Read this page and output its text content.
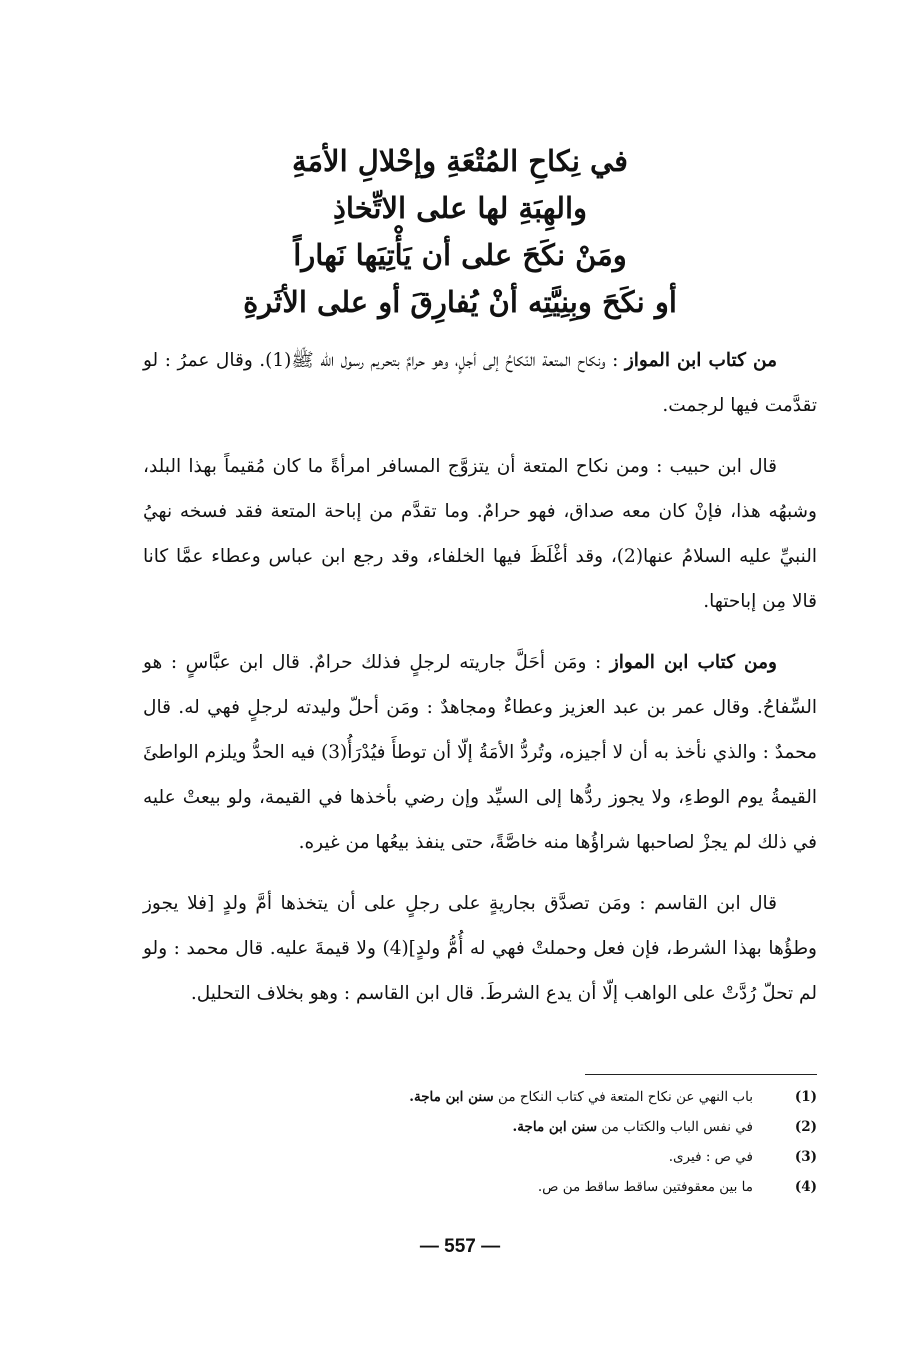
في نِكاحِ المُتْعَةِ وإحْلالِ الأمَةِ
والهِبَةِ لها على الاتِّخاذِ
ومَنْ نكَحَ على أن يَأْتِيَها نَهاراً
أو نكَحَ وبِنِيَّتِه أنْ يُفارِقَ أو على الأثَرةِ

من كتاب ابن المواز : ونكاح المتعة النّكاحُ إلى أجلٍ، وهو حرامٌ بتحريم رسول الله ﷺ(1). وقال عمرُ : لو تقدَّمت فيها لرجمت.

قال ابن حبيب : ومن نكاح المتعة أن يتزوَّج المسافر امرأةً ما كان مُقيماً بهذا البلد، وشبهُه هذا، فإنْ كان معه صداق، فهو حرامٌ. وما تقدَّم من إباحة المتعة فقد فسخه نهيُ النبيِّ عليه السلامُ عنها(2)، وقد أغْلَظَ فيها الخلفاء، وقد رجع ابن عباس وعطاء عمَّا كانا قالا مِن إباحتها.

ومن كتاب ابن المواز : ومَن أحَلَّ جاريته لرجلٍ فذلك حرامٌ. قال ابن عبَّاسٍ : هو السِّفاحُ. وقال عمر بن عبد العزيز وعطاءٌ ومجاهدٌ : ومَن أحلّ وليدته لرجلٍ فهي له. قال محمدٌ : والذي نأخذ به أن لا أجيزه، وتُردُّ الأمَةُ إلّا أن توطأَ فيُدْرَأُ(3) فيه الحدُّ ويلزم الواطئَ القيمةُ يوم الوطءِ، ولا يجوز ردُّها إلى السيِّد وإن رضي بأخذها في القيمة، ولو بيعتْ عليه في ذلك لم يجزْ لصاحبها شراؤُها منه خاصَّةً، حتى ينفذ بيعُها من غيره.

قال ابن القاسم : ومَن تصدَّق بجاريةٍ على رجلٍ على أن يتخذها أمَّ ولدٍ [فلا يجوز وطؤُها بهذا الشرط، فإن فعل وحملتْ فهي له أُمُّ ولدٍ](4) ولا قيمةَ عليه. قال محمد : ولو لم تحلّ رُدَّتْ على الواهب إلّا أن يدع الشرطَ. قال ابن القاسم : وهو بخلاف التحليل.

(1)
باب النهي عن نكاح المتعة في كتاب النكاح من سنن ابن ماجة.
(2)
في نفس الباب والكتاب من سنن ابن ماجة.
(3)
في ص : فيرى.
(4)
ما بين معقوفتين ساقط ساقط من ص.
— 557 —
